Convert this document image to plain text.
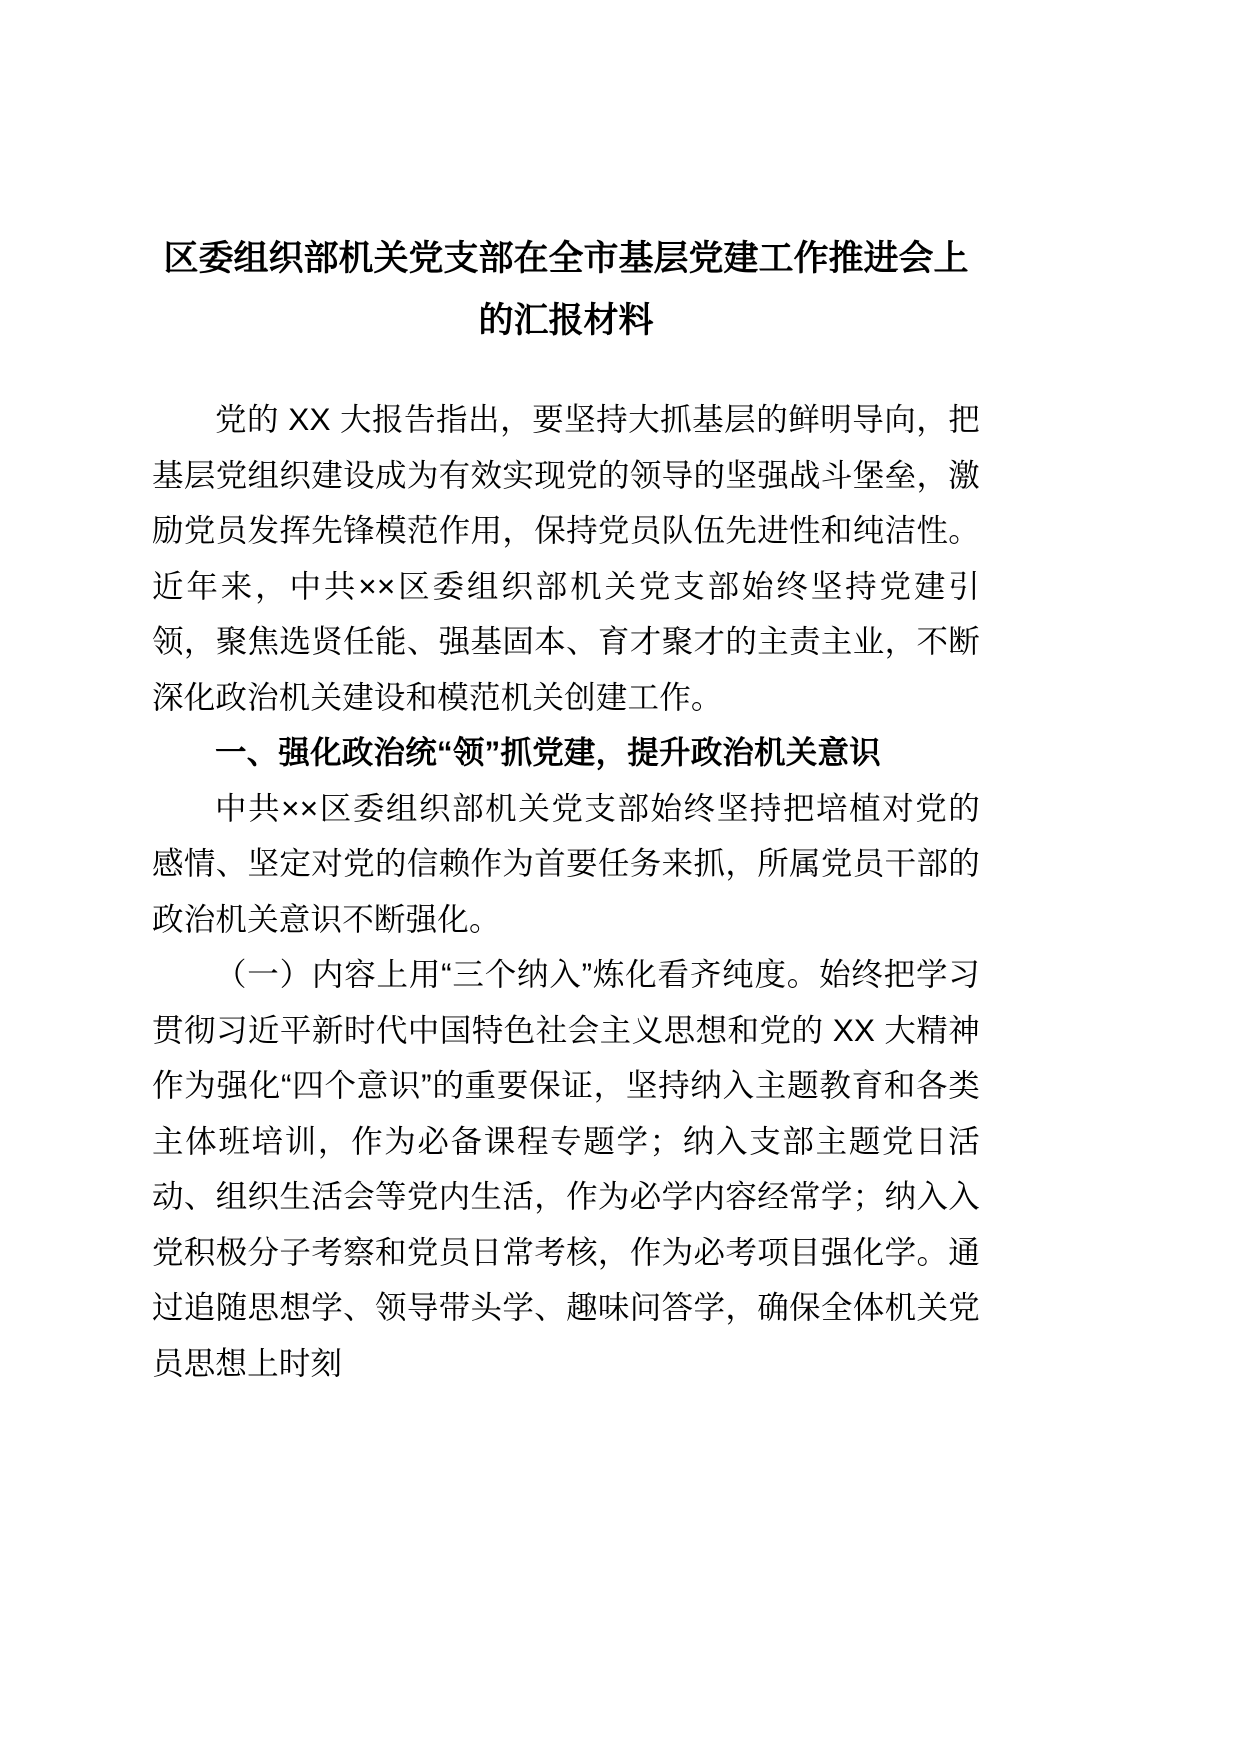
区委组织部机关党支部在全市基层党建工作推进会上的汇报材料

党的 XX 大报告指出，要坚持大抓基层的鲜明导向，把基层党组织建设成为有效实现党的领导的坚强战斗堡垒，激励党员发挥先锋模范作用，保持党员队伍先进性和纯洁性。近年来，中共××区委组织部机关党支部始终坚持党建引领，聚焦选贤任能、强基固本、育才聚才的主责主业，不断深化政治机关建设和模范机关创建工作。

一、强化政治统“领”抓党建，提升政治机关意识

中共××区委组织部机关党支部始终坚持把培植对党的感情、坚定对党的信赖作为首要任务来抓，所属党员干部的政治机关意识不断强化。

（一）内容上用“三个纳入”炼化看齐纯度。始终把学习贯彻习近平新时代中国特色社会主义思想和党的 XX 大精神作为强化“四个意识”的重要保证，坚持纳入主题教育和各类主体班培训，作为必备课程专题学；纳入支部主题党日活动、组织生活会等党内生活，作为必学内容经常学；纳入入党积极分子考察和党员日常考核，作为必考项目强化学。通过追随思想学、领导带头学、趣味问答学，确保全体机关党员思想上时刻
